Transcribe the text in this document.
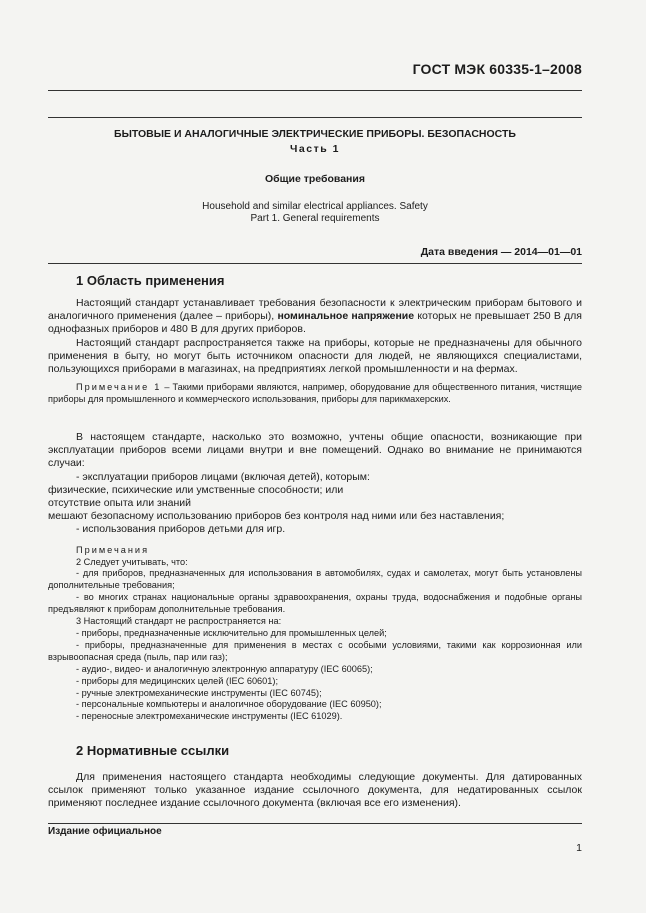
ГОСТ МЭК 60335-1–2008
БЫТОВЫЕ И АНАЛОГИЧНЫЕ ЭЛЕКТРИЧЕСКИЕ ПРИБОРЫ. БЕЗОПАСНОСТЬ
Часть 1
Общие требования
Household and similar electrical appliances. Safety
Part 1. General requirements
Дата введения — 2014—01—01
1 Область применения

Настоящий стандарт устанавливает требования безопасности к электрическим приборам бытового и аналогичного применения (далее – приборы), номинальное напряжение которых не превышает 250 В для однофазных приборов и 480 В для других приборов.

Настоящий стандарт распространяется также на приборы, которые не предназначены для обычного применения в быту, но могут быть источником опасности для людей, не являющихся специалистами, пользующихся приборами в магазинах, на предприятиях легкой промышленности и на фермах.

Примечание 1 – Такими приборами являются, например, оборудование для общественного питания, чистящие приборы для промышленного и коммерческого использования, приборы для парикмахерских.

В настоящем стандарте, насколько это возможно, учтены общие опасности, возникающие при эксплуатации приборов всеми лицами внутри и вне помещений. Однако во внимание не принимаются случаи:

- эксплуатации приборов лицами (включая детей), которым:

физические, психические или умственные способности; или

отсутствие опыта или знаний

мешают безопасному использованию приборов без контроля над ними или без наставления;

- использования приборов детьми для игр.

Примечания

2 Следует учитывать, что:

- для приборов, предназначенных для использования в автомобилях, судах и самолетах, могут быть установлены дополнительные требования;

- во многих странах национальные органы здравоохранения, охраны труда, водоснабжения и подобные органы предъявляют к приборам дополнительные требования.

3 Настоящий стандарт не распространяется на:

- приборы, предназначенные исключительно для промышленных целей;

- приборы, предназначенные для применения в местах с особыми условиями, такими как коррозионная или взрывоопасная среда (пыль, пар или газ);

- аудио-, видео- и аналогичную электронную аппаратуру (IEC 60065);

- приборы для медицинских целей (IEC 60601);

- ручные электромеханические инструменты (IEC 60745);

- персональные компьютеры и аналогичное оборудование (IEC 60950);

- переносные электромеханические инструменты (IEC 61029).

2 Нормативные ссылки

Для применения настоящего стандарта необходимы следующие документы. Для датированных ссылок применяют только указанное издание ссылочного документа, для недатированных ссылок применяют последнее издание ссылочного документа (включая все его изменения).

Издание официальное
1
